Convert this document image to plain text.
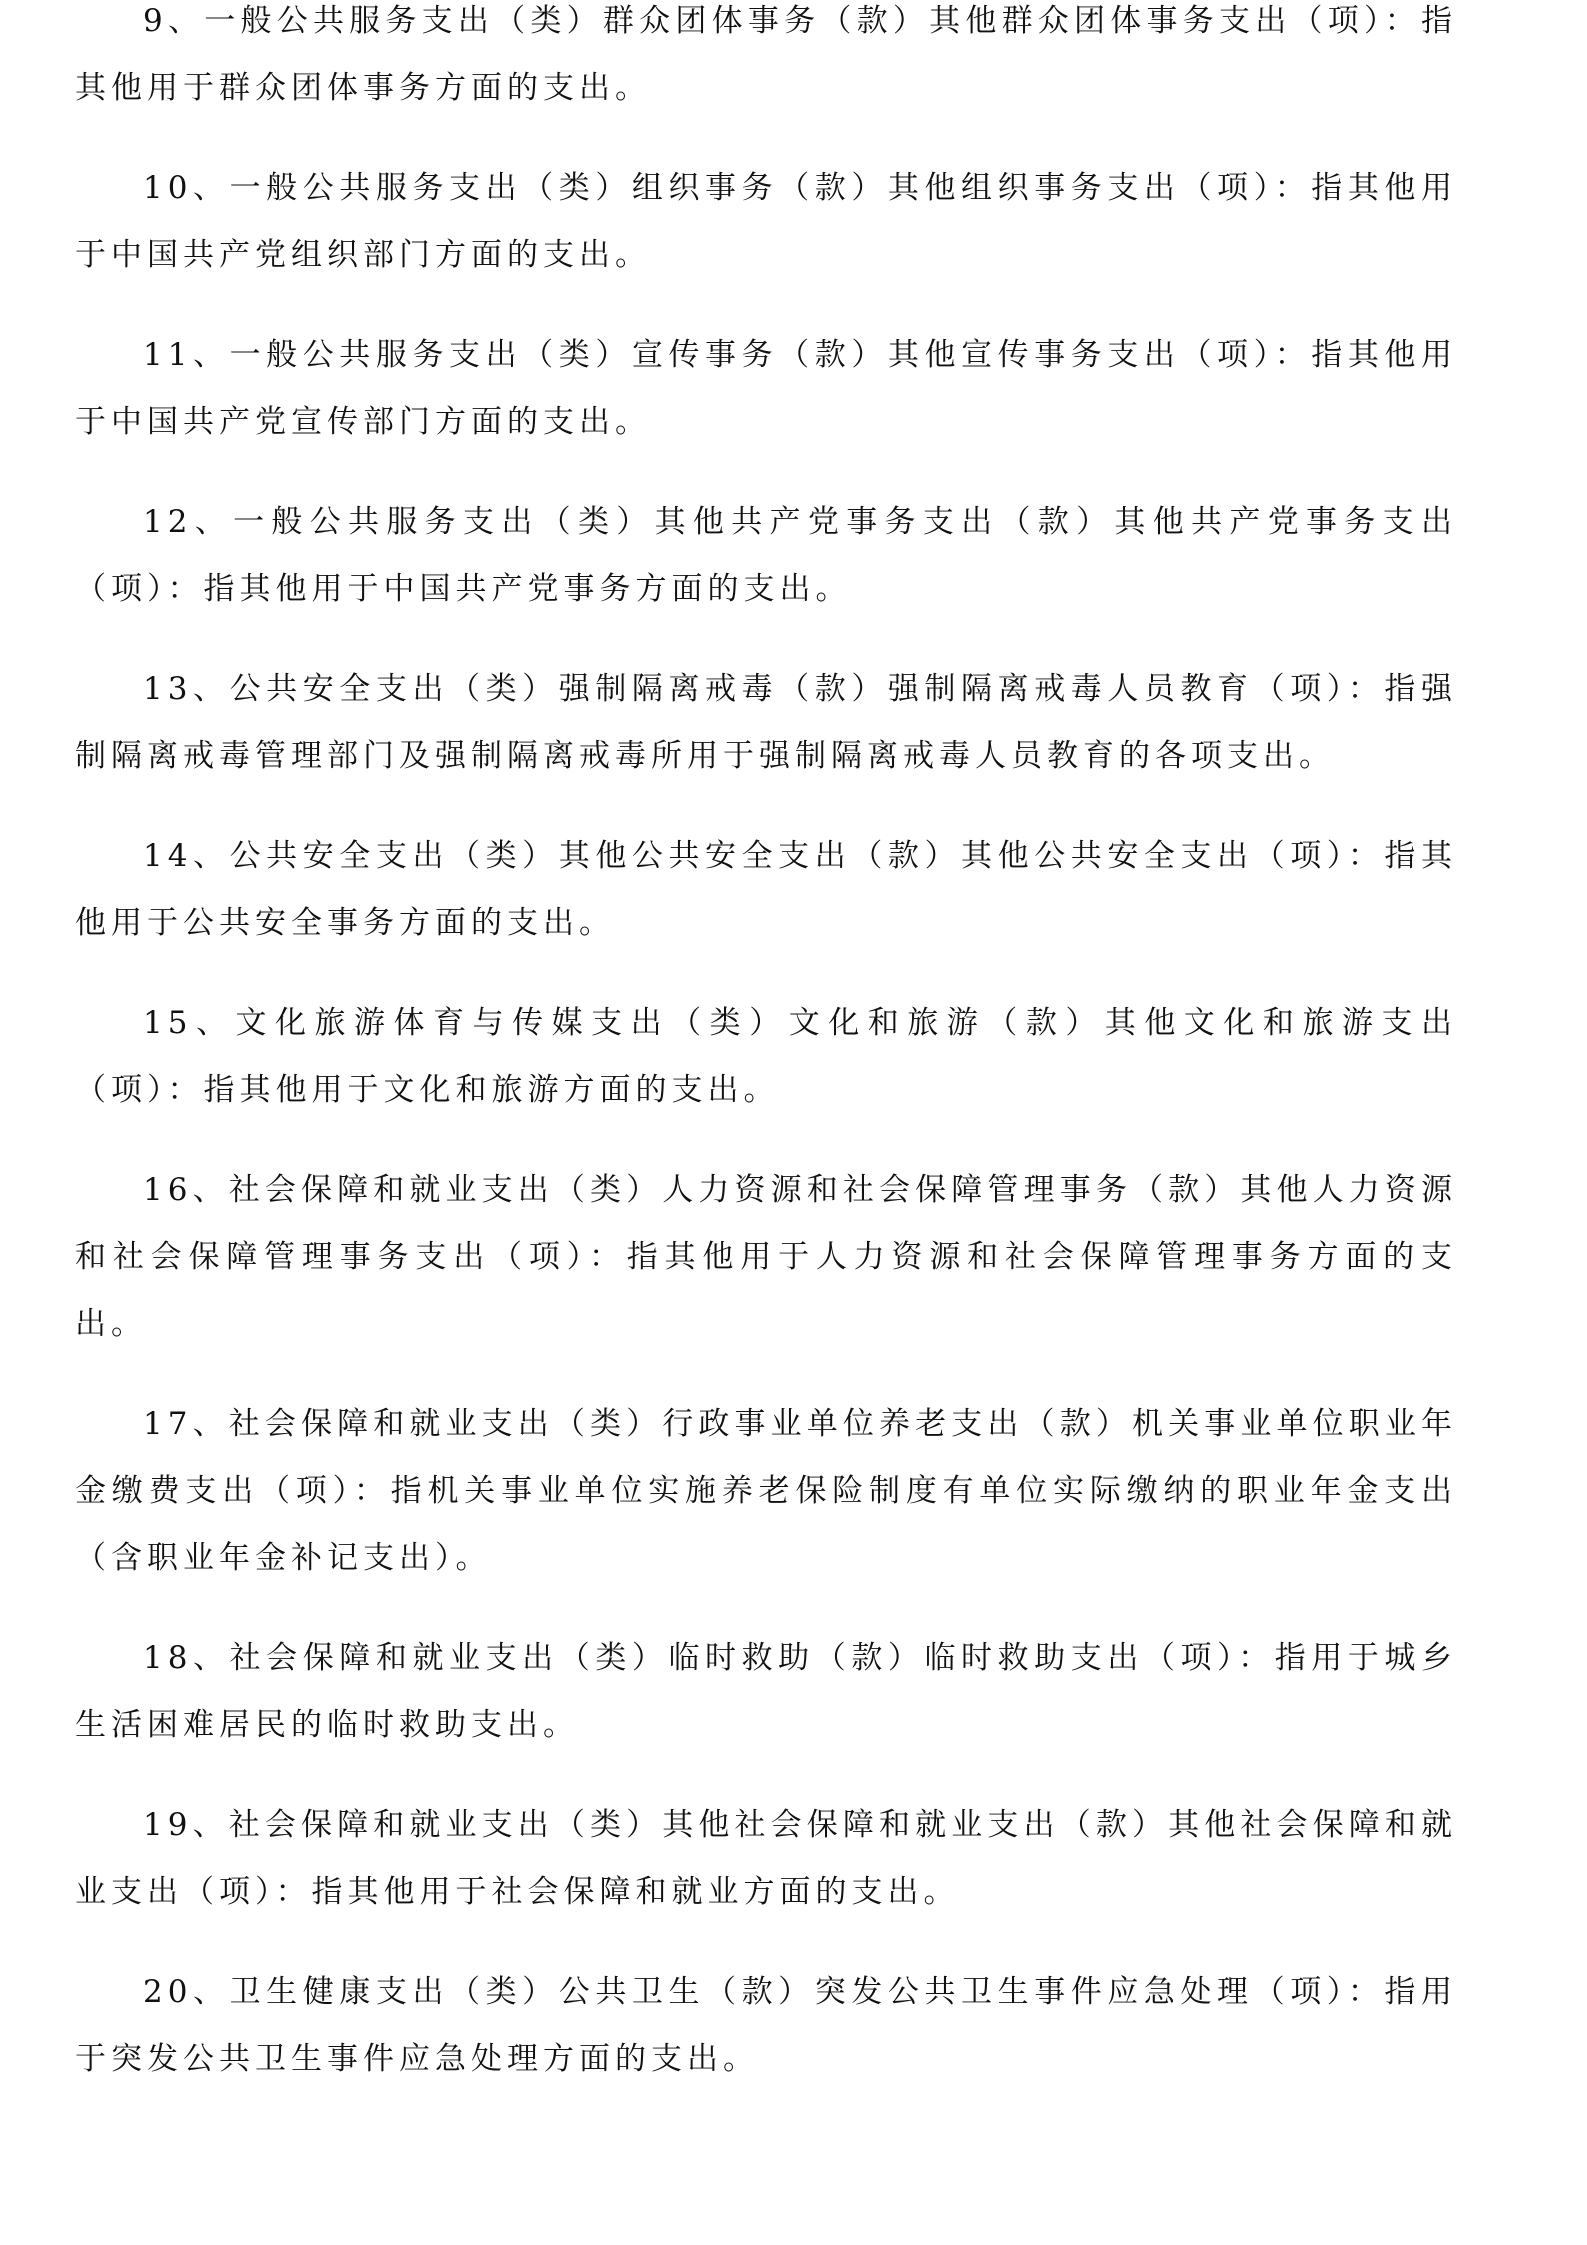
9、一般公共服务支出（类）群众团体事务（款）其他群众团体事务支出（项）：指其他用于群众团体事务方面的支出。

10、一般公共服务支出（类）组织事务（款）其他组织事务支出（项）：指其他用于中国共产党组织部门方面的支出。

11、一般公共服务支出（类）宣传事务（款）其他宣传事务支出（项）：指其他用于中国共产党宣传部门方面的支出。

12、一般公共服务支出（类）其他共产党事务支出（款）其他共产党事务支出（项）：指其他用于中国共产党事务方面的支出。

13、公共安全支出（类）强制隔离戒毒（款）强制隔离戒毒人员教育（项）：指强制隔离戒毒管理部门及强制隔离戒毒所用于强制隔离戒毒人员教育的各项支出。

14、公共安全支出（类）其他公共安全支出（款）其他公共安全支出（项）：指其他用于公共安全事务方面的支出。

15、文化旅游体育与传媒支出（类）文化和旅游（款）其他文化和旅游支出（项）：指其他用于文化和旅游方面的支出。

16、社会保障和就业支出（类）人力资源和社会保障管理事务（款）其他人力资源和社会保障管理事务支出（项）：指其他用于人力资源和社会保障管理事务方面的支出。

17、社会保障和就业支出（类）行政事业单位养老支出（款）机关事业单位职业年金缴费支出（项）：指机关事业单位实施养老保险制度有单位实际缴纳的职业年金支出（含职业年金补记支出）。

18、社会保障和就业支出（类）临时救助（款）临时救助支出（项）：指用于城乡生活困难居民的临时救助支出。

19、社会保障和就业支出（类）其他社会保障和就业支出（款）其他社会保障和就业支出（项）：指其他用于社会保障和就业方面的支出。

20、卫生健康支出（类）公共卫生（款）突发公共卫生事件应急处理（项）：指用于突发公共卫生事件应急处理方面的支出。
